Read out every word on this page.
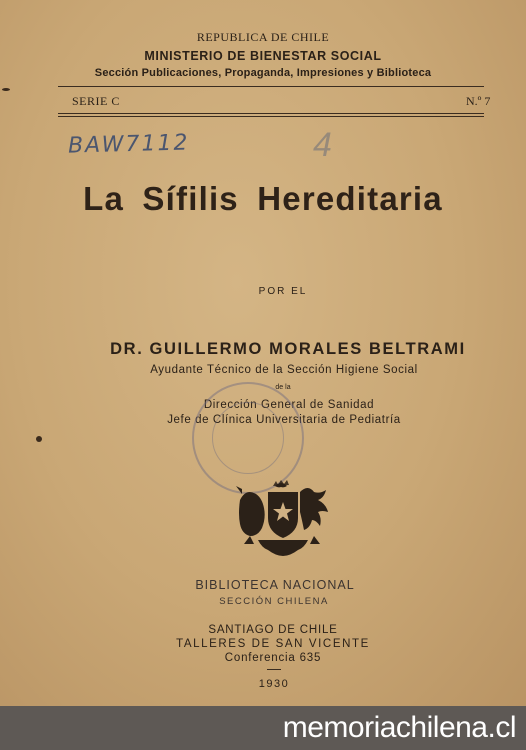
REPUBLICA DE CHILE
MINISTERIO DE BIENESTAR SOCIAL
Sección Publicaciones, Propaganda, Impresiones y Biblioteca
SERIE C	N.º 7
BAW7112	4
La Sífilis Hereditaria
POR EL
DR. GUILLERMO MORALES BELTRAMI
Ayudante Técnico de la Sección Higiene Social
de la
Dirección General de Sanidad
Jefe de Clínica Universitaria de Pediatría
BIBLIOTECA NACIONAL
SECCIÓN CHILENA
SANTIAGO DE CHILE
TALLERES DE SAN VICENTE
Conferencia 635
1930
memoriachilena.cl
